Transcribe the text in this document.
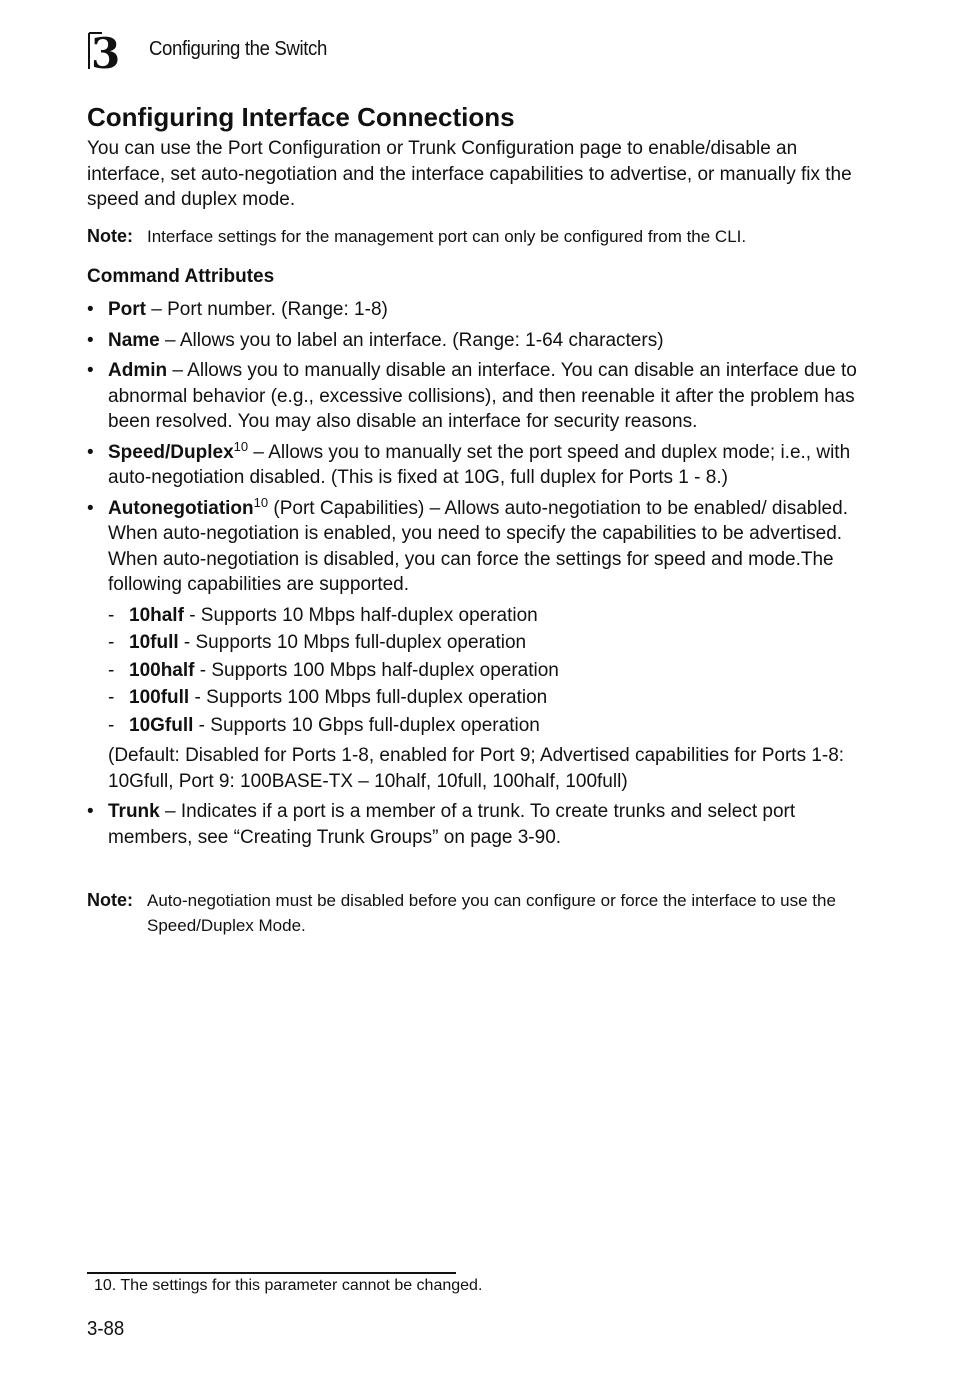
3 Configuring the Switch
Configuring Interface Connections

You can use the Port Configuration or Trunk Configuration page to enable/disable an interface, set auto-negotiation and the interface capabilities to advertise, or manually fix the speed and duplex mode.

Note: Interface settings for the management port can only be configured from the CLI.

Command Attributes
• Port – Port number. (Range: 1-8)
• Name – Allows you to label an interface. (Range: 1-64 characters)
• Admin – Allows you to manually disable an interface. You can disable an interface due to abnormal behavior (e.g., excessive collisions), and then reenable it after the problem has been resolved. You may also disable an interface for security reasons.
• Speed/Duplex$^{10}$ – Allows you to manually set the port speed and duplex mode; i.e., with auto-negotiation disabled. (This is fixed at 10G, full duplex for Ports 1 - 8.)
• Autonegotiation$^{10}$ (Port Capabilities) – Allows auto-negotiation to be enabled/ disabled. When auto-negotiation is enabled, you need to specify the capabilities to be advertised. When auto-negotiation is disabled, you can force the settings for speed and mode.The following capabilities are supported.
- 10half - Supports 10 Mbps half-duplex operation
- 10full - Supports 10 Mbps full-duplex operation
- 100half - Supports 100 Mbps half-duplex operation
- 100full - Supports 100 Mbps full-duplex operation
- 10Gfull - Supports 10 Gbps full-duplex operation
(Default: Disabled for Ports 1-8, enabled for Port 9; Advertised capabilities for Ports 1-8: 10Gfull, Port 9: 100BASE-TX – 10half, 10full, 100half, 100full)
• Trunk – Indicates if a port is a member of a trunk. To create trunks and select port members, see “Creating Trunk Groups” on page 3-90.
Note: Auto-negotiation must be disabled before you can configure or force the interface to use the Speed/Duplex Mode.
10. The settings for this parameter cannot be changed.
3-88
